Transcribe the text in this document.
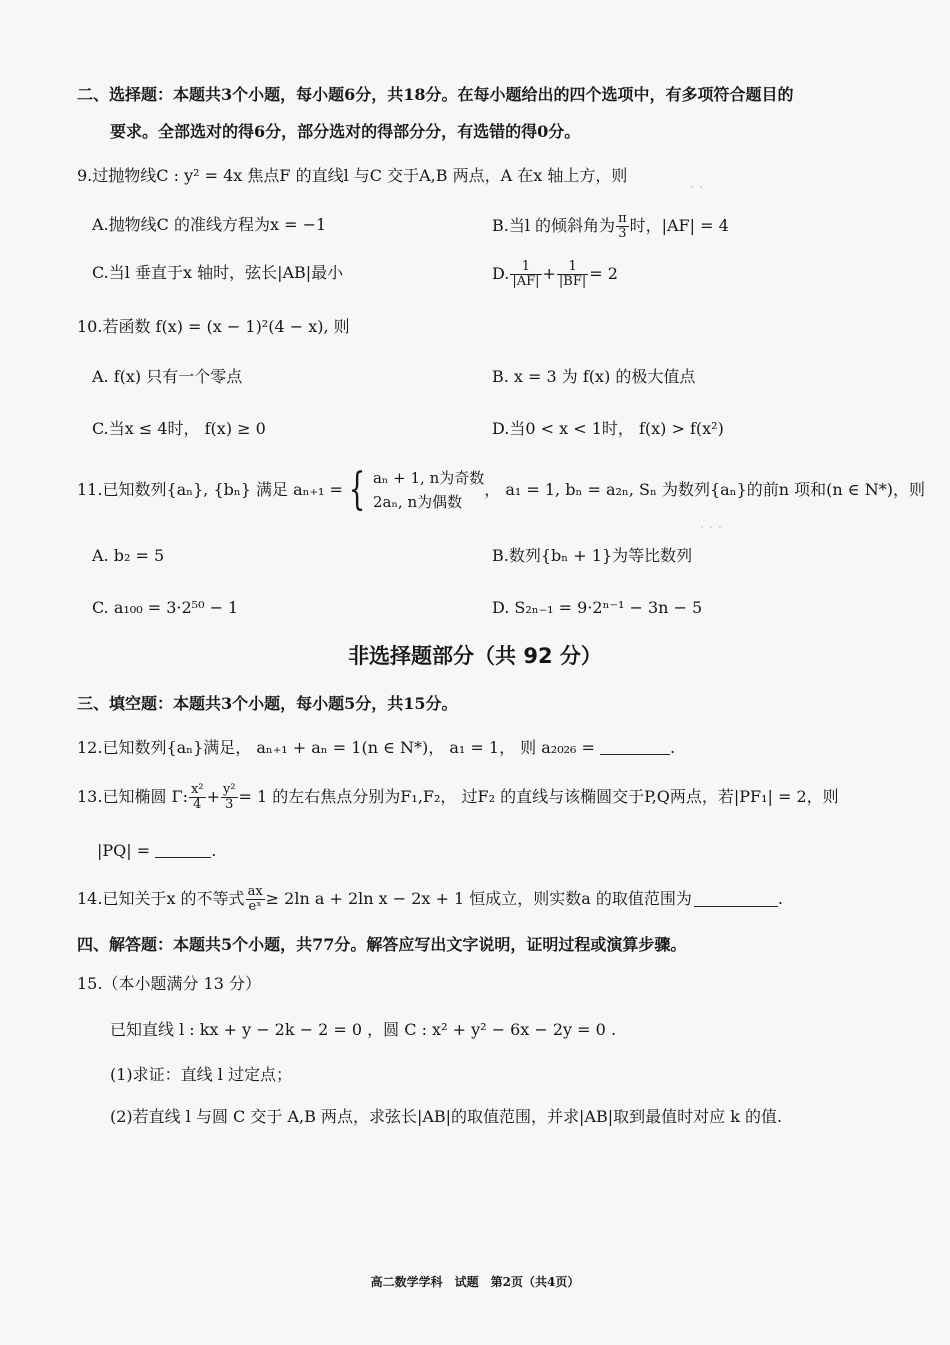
· ·
· · ·
二、选择题：本题共3个小题，每小题6分，共18分。在每小题给出的四个选项中，有多项符合题目的
要求。全部选对的得6分，部分选对的得部分分，有选错的得0分。
9.过抛物线C : y² = 4x 焦点F 的直线l 与C 交于A,B 两点，A 在x 轴上方，则
A.抛物线C 的准线方程为x = −1	B.当l 的倾斜角为 $\frac{\pi}{3}$ 时，|AF| = 4
C.当l 垂直于x 轴时，弦长|AB|最小	D. $\frac{1}{|AF|} + \frac{1}{|BF|} = 2$
10.若函数 f(x) = (x − 1)²(4 − x), 则
A. f(x) 只有一个零点	B. x = 3 为 f(x) 的极大值点
C.当x ≤ 4时， f(x) ≥ 0	D.当0 < x < 1时， f(x) > f(x²)
11.已知数列{aₙ}, {bₙ} 满足 aₙ₊₁ = { aₙ + 1, n为奇数
2aₙ, n为偶数
， a₁ = 1, bₙ = a₂ₙ, Sₙ 为数列{aₙ}的前n 项和(n ∈ N*)，则
A. b₂ = 5	B.数列{bₙ + 1}为等比数列
C. a₁₀₀ = 3·2⁵⁰ − 1	D. S₂ₙ₋₁ = 9·2ⁿ⁻¹ − 3n − 5
非选择题部分（共 92 分）
三、填空题：本题共3个小题，每小题5分，共15分。
12.已知数列{aₙ}满足， aₙ₊₁ + aₙ = 1(n ∈ N*)， a₁ = 1， 则 a₂₀₂₆ =	.
13.已知椭圆 Γ: $\frac{\text{x²}}{4} + \frac{\text{y²}}{3} = 1$ 的左右焦点分别为F₁,F₂， 过F₂ 的直线与该椭圆交于P,Q两点，若|PF₁| = 2，则
|PQ| =	.
14.已知关于x 的不等式 $\frac{ax}{\text{eˣ}} \ge 2\ln$ a + 2ln x − 2x + 1 恒成立，则实数a 的取值范围为	.
四、解答题：本题共5个小题，共77分。解答应写出文字说明，证明过程或演算步骤。
15.（本小题满分 13 分）
已知直线 l : kx + y − 2k − 2 = 0 ，圆 C : x² + y² − 6x − 2y = 0 .
(1)求证：直线 l 过定点；
(2)若直线 l 与圆 C 交于 A,B 两点，求弦长|AB|的取值范围，并求|AB|取到最值时对应 k 的值.
高二数学学科　试题　第2页（共4页）
